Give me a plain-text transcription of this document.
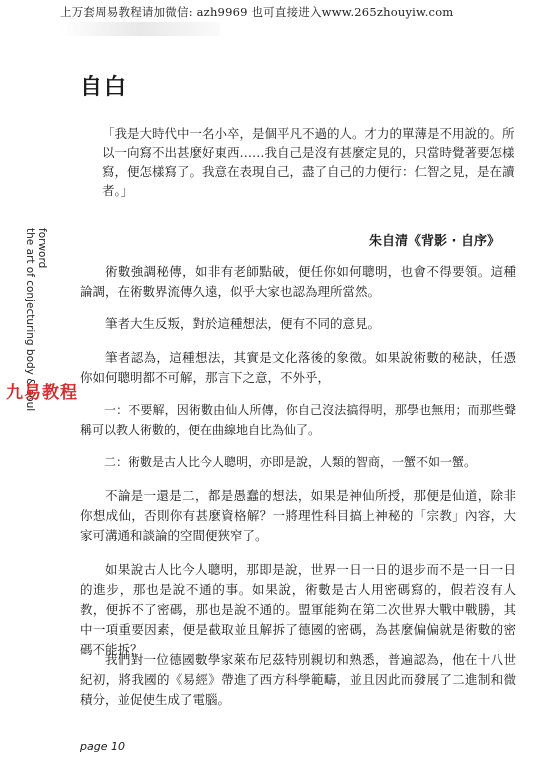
上万套周易教程请加微信: azh9969 也可直接进入www.265zhouyiw.com
自白
「我是大時代中一名小卒，是個平凡不過的人。才力的單薄是不用說的。所以一向寫不出甚麼好東西……我自己是沒有甚麼定見的，只當時覺著要怎樣寫，便怎樣寫了。我意在表現自己，盡了自己的力便行：仁智之見，是在讀者。」
朱自清《背影 · 自序》
forword
the art of conjecturing body & soul
九易教程

術數強調秘傳，如非有老師點破，便任你如何聰明，也會不得要領。這種論調，在術數界流傳久遠，似乎大家也認為理所當然。

筆者大生反叛，對於這種想法，便有不同的意見。

筆者認為，這種想法，其實是文化落後的象徵。如果說術數的秘訣，任憑你如何聰明都不可解，那言下之意，不外乎，

一：不要解，因術數由仙人所傳，你自己沒法搞得明，那學也無用；而那些聲稱可以教人術數的，便在曲線地自比為仙了。

二：術數是古人比今人聰明，亦即是說，人類的智商，一蟹不如一蟹。

不論是一還是二，都是愚蠢的想法，如果是神仙所授，那便是仙道，除非你想成仙，否則你有甚麼資格解？一將理性科目搞上神秘的「宗教」內容，大家可溝通和談論的空間便狹窄了。

如果說古人比今人聰明，那即是說，世界一日一日的退步而不是一日一日的進步，那也是說不通的事。如果說，術數是古人用密碼寫的，假若沒有人教，便拆不了密碼，那也是說不通的。盟軍能夠在第二次世界大戰中戰勝，其中一項重要因素，便是截取並且解拆了德國的密碼，為甚麼偏偏就是術數的密碼不能拆？

我們對一位德國數學家萊布尼茲特別親切和熟悉，普遍認為，他在十八世紀初，將我國的《易經》帶進了西方科學範疇，並且因此而發展了二進制和微積分，並促使生成了電腦。

page 10
